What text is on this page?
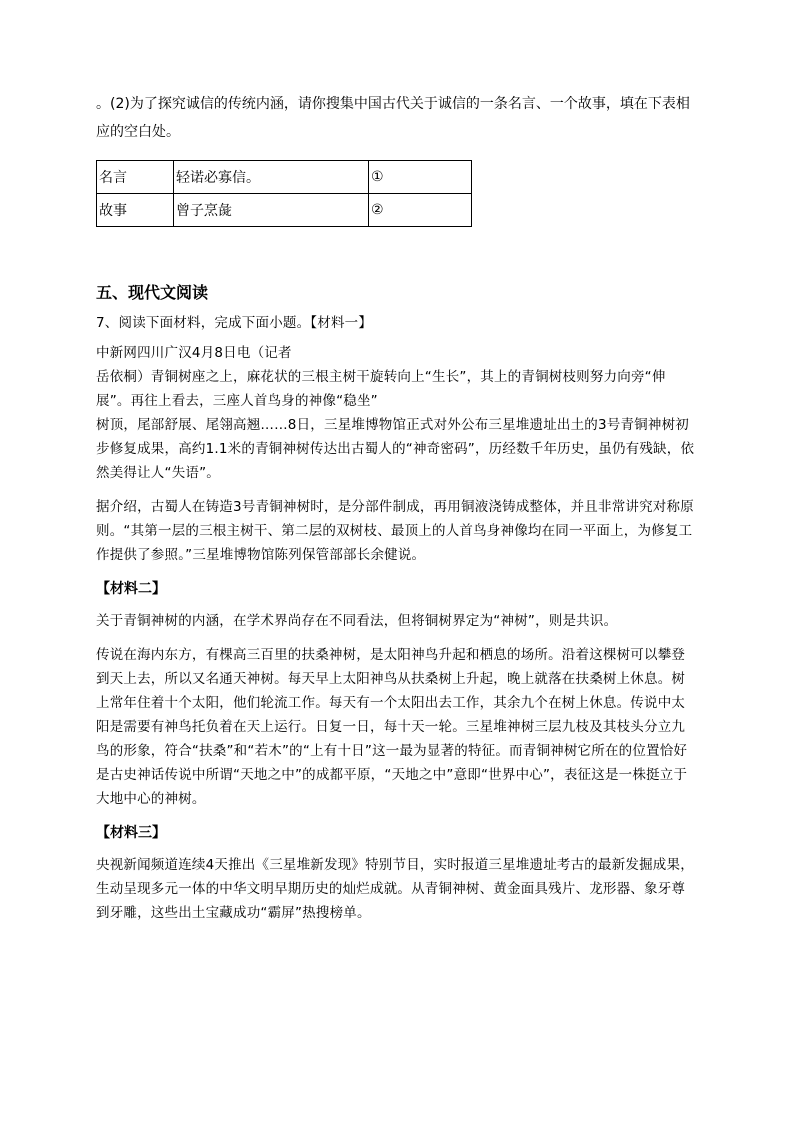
。(2)为了探究诚信的传统内涵，请你搜集中国古代关于诚信的一条名言、一个故事，填在下表相应的空白处。

名言	轻诺必寡信。	①
故事	曾子烹彘	②
五、现代文阅读

7、阅读下面材料，完成下面小题。【材料一】

中新网四川广汉4月8日电（记者

岳依桐）青铜树座之上，麻花状的三根主树干旋转向上“生长”，其上的青铜树枝则努力向旁“伸展”。再往上看去，三座人首鸟身的神像“稳坐”

树顶，尾部舒展、尾翎高翘……8日，三星堆博物馆正式对外公布三星堆遗址出土的3号青铜神树初步修复成果，高约1.1米的青铜神树传达出古蜀人的“神奇密码”，历经数千年历史，虽仍有残缺，依然美得让人“失语”。

据介绍，古蜀人在铸造3号青铜神树时，是分部件制成，再用铜液浇铸成整体，并且非常讲究对称原则。“其第一层的三根主树干、第二层的双树枝、最顶上的人首鸟身神像均在同一平面上，为修复工作提供了参照。”三星堆博物馆陈列保管部部长余健说。

【材料二】

关于青铜神树的内涵，在学术界尚存在不同看法，但将铜树界定为“神树”，则是共识。

传说在海内东方，有棵高三百里的扶桑神树，是太阳神鸟升起和栖息的场所。沿着这棵树可以攀登到天上去，所以又名通天神树。每天早上太阳神鸟从扶桑树上升起，晚上就落在扶桑树上休息。树上常年住着十个太阳，他们轮流工作。每天有一个太阳出去工作，其余九个在树上休息。传说中太阳是需要有神鸟托负着在天上运行。日复一日，每十天一轮。三星堆神树三层九枝及其枝头分立九鸟的形象，符合“扶桑”和“若木”的“上有十日”这一最为显著的特征。而青铜神树它所在的位置恰好是古史神话传说中所谓“天地之中”的成都平原，“天地之中”意即“世界中心”，表征这是一株挺立于大地中心的神树。

【材料三】

央视新闻频道连续4天推出《三星堆新发现》特别节目，实时报道三星堆遗址考古的最新发掘成果，生动呈现多元一体的中华文明早期历史的灿烂成就。从青铜神树、黄金面具残片、龙形器、象牙尊到牙雕，这些出土宝藏成功“霸屏”热搜榜单。
